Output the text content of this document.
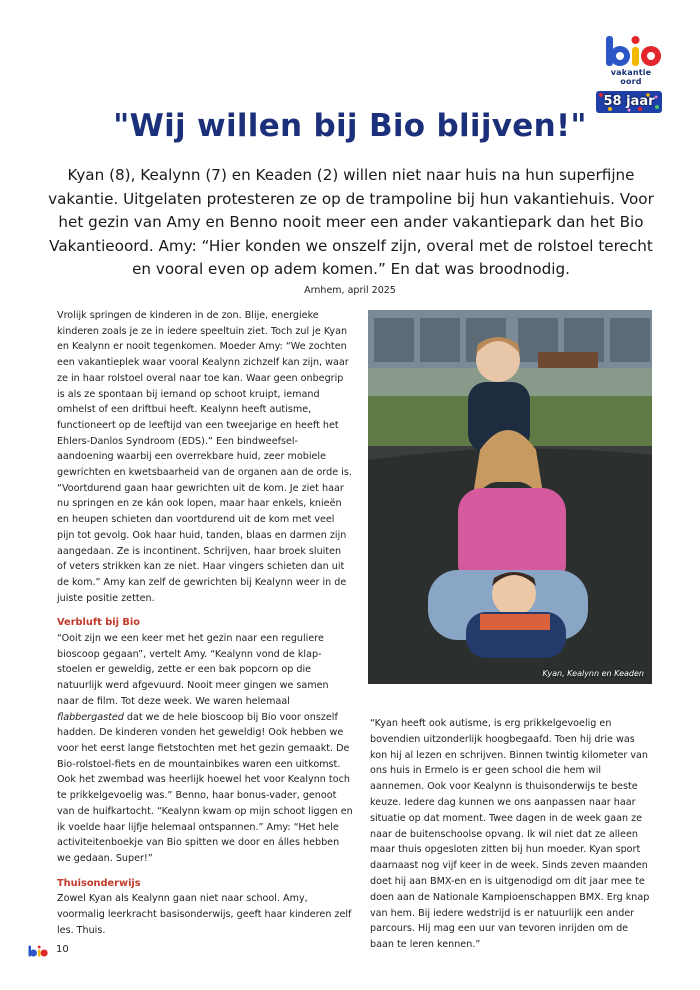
vakantie
oord
58 jaar
"Wij willen bij Bio blijven!"

Kyan (8), Kealynn (7) en Keaden (2) willen niet naar huis na hun superfijne vakantie. Uitgelaten protesteren ze op de trampoline bij hun vakantiehuis. Voor het gezin van Amy en Benno nooit meer een ander vakantiepark dan het Bio Vakantieoord. Amy: “Hier konden we onszelf zijn, overal met de rolstoel terecht en vooral even op adem komen.” En dat was broodnodig.

Arnhem, april 2025

Vrolijk springen de kinderen in de zon. Blije, energieke kinderen zoals je ze in iedere speeltuin ziet. Toch zul je Kyan en Kealynn er nooit tegenkomen. Moeder Amy: “We zochten een vakantieplek waar vooral Kealynn zichzelf kan zijn, waar ze in haar rolstoel overal naar toe kan. Waar geen onbegrip is als ze spontaan bij iemand op schoot kruipt, iemand omhelst of een driftbui heeft. Kealynn heeft autisme, functioneert op de leeftijd van een tweejarige en heeft het Ehlers-Danlos Syndroom (EDS).” Een bindweefsel-aandoening waarbij een overrekbare huid, zeer mobiele gewrichten en kwetsbaarheid van de organen aan de orde is. “Voortdurend gaan haar gewrichten uit de kom. Je ziet haar nu springen en ze kán ook lopen, maar haar enkels, knieën en heupen schieten dan voortdurend uit de kom met veel pijn tot gevolg. Ook haar huid, tanden, blaas en darmen zijn aangedaan. Ze is incontinent. Schrijven, haar broek sluiten of veters strikken kan ze niet. Haar vingers schieten dan uit de kom.” Amy kan zelf de gewrichten bij Kealynn weer in de juiste positie zetten.

Verbluft bij Bio

“Ooit zijn we een keer met het gezin naar een reguliere bioscoop gegaan”, vertelt Amy. “Kealynn vond de klap-stoelen er geweldig, zette er een bak popcorn op die natuurlijk werd afgevuurd. Nooit meer gingen we samen naar de film. Tot deze week. We waren helemaal flabbergasted dat we de hele bioscoop bij Bio voor onszelf hadden. De kinderen vonden het geweldig! Ook hebben we voor het eerst lange fietstochten met het gezin gemaakt. De Bio-rolstoel-fiets en de mountainbikes waren een uitkomst. Ook het zwembad was heerlijk hoewel het voor Kealynn toch te prikkelgevoelig was.” Benno, haar bonus-vader, genoot van de huifkartocht. “Kealynn kwam op mijn schoot liggen en ik voelde haar lijfje helemaal ontspannen.” Amy: “Het hele activiteitenboekje van Bio spitten we door en álles hebben we gedaan. Super!”

Thuisonderwijs

Zowel Kyan als Kealynn gaan niet naar school. Amy, voormalig leerkracht basisonderwijs, geeft haar kinderen zelf les. Thuis.

Kyan, Kealynn en Keaden

“Kyan heeft ook autisme, is erg prikkelgevoelig en bovendien uitzonderlijk hoogbegaafd. Toen hij drie was kon hij al lezen en schrijven. Binnen twintig kilometer van ons huis in Ermelo is er geen school die hem wil aannemen. Ook voor Kealynn is thuisonderwijs te beste keuze. Iedere dag kunnen we ons aanpassen naar haar situatie op dat moment. Twee dagen in de week gaan ze naar de buitenschoolse opvang. Ik wil niet dat ze alleen maar thuis opgesloten zitten bij hun moeder. Kyan sport daarnaast nog vijf keer in de week. Sinds zeven maanden doet hij aan BMX-en en is uitgenodigd om dit jaar mee te doen aan de Nationale Kampioenschappen BMX. Erg knap van hem. Bij iedere wedstrijd is er natuurlijk een ander parcours. Hij mag een uur van tevoren inrijden om de baan te leren kennen.”

10
